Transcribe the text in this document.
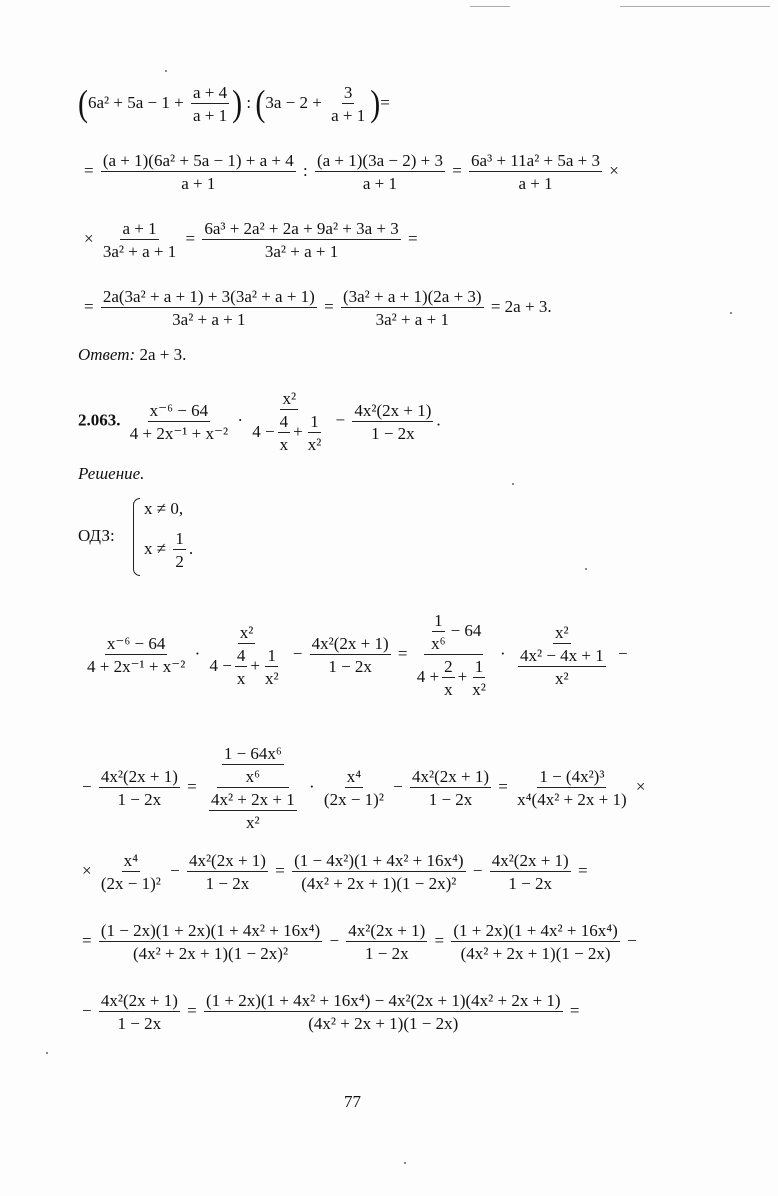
($6a^2 + 5a - 1 + \frac{a + 4}{a + 1}$ ) : ($3a - 2 + \frac{3}{a + 1}$ )=
= $\frac{\text{(a + 1)(6a² + 5a − 1) + a + 4}}{a + 1}$ : $\frac{(a + 1)(3a - 2) + 3}{a + 1} = \frac{\text{6a³ + 11a² + 5a + 3}}{a + 1}$ ×
× $\frac{a + 1}{\text{3a² + a + 1}} = \frac{\text{6a³ + 2a² + 2a + 9a² + 3a + 3}}{\text{3a² + a + 1}}$ =
= $\frac{\text{2a(3a² + a + 1) + 3(3a² + a + 1)}}{\text{3a² + a + 1}} = \frac{\text{(3a² + a + 1)(2a + 3)}}{\text{3a² + a + 1}} = 2a + 3$.
Ответ: 2a + 3.
2.063. $\frac{\text{x⁻⁶ − 64}}{\text{4 + 2x⁻¹ + x⁻²}} \cdot \frac{\text{x²}}{4 - \frac{4}{x} + \frac{1}{\text{x²}}} - \frac{\text{4x²(2x + 1)}}{1 - 2x}$ .
Решение.
ОДЗ:
x ≠ 0,
$x \ne \frac{1}{2}$ .
$\frac{\text{x⁻⁶ − 64}}{\text{4 + 2x⁻¹ + x⁻²}} \cdot \frac{\text{x²}}{4 - \frac{4}{x} + \frac{1}{\text{x²}}} - \frac{\text{4x²(2x + 1)}}{1 - 2x} = \frac{\frac{1}{\text{x⁶}} - 64}{4 + \frac{2}{x} + \frac{1}{\text{x²}}} \cdot \frac{\text{x²}}{\frac{\text{4x² − 4x + 1}}{\text{x²}}}$ −
− $\frac{\text{4x²(2x + 1)}}{1 - 2x} = \frac{\frac{\text{1 − 64x⁶}}{\text{x⁶}}}{\frac{\text{4x² + 2x + 1}}{\text{x²}}} \cdot \frac{\text{x⁴}}{\text{(2x − 1)²}} - \frac{\text{4x²(2x + 1)}}{1 - 2x} = \frac{\text{1 − (4x²)³}}{\text{x⁴(4x² + 2x + 1)}}$ ×
× $\frac{\text{x⁴}}{\text{(2x − 1)²}} - \frac{\text{4x²(2x + 1)}}{1 - 2x} = \frac{\text{(1 − 4x²)(1 + 4x² + 16x⁴)}}{\text{(4x² + 2x + 1)(1 − 2x)²}} - \frac{\text{4x²(2x + 1)}}{1 - 2x}$ =
= $\frac{\text{(1 − 2x)(1 + 2x)(1 + 4x² + 16x⁴)}}{\text{(4x² + 2x + 1)(1 − 2x)²}} - \frac{\text{4x²(2x + 1)}}{1 - 2x} = \frac{\text{(1 + 2x)(1 + 4x² + 16x⁴)}}{\text{(4x² + 2x + 1)(1 − 2x)}}$ −
− $\frac{\text{4x²(2x + 1)}}{1 - 2x} = \frac{\text{(1 + 2x)(1 + 4x² + 16x⁴) − 4x²(2x + 1)(4x² + 2x + 1)}}{\text{(4x² + 2x + 1)(1 − 2x)}}$ =
77
